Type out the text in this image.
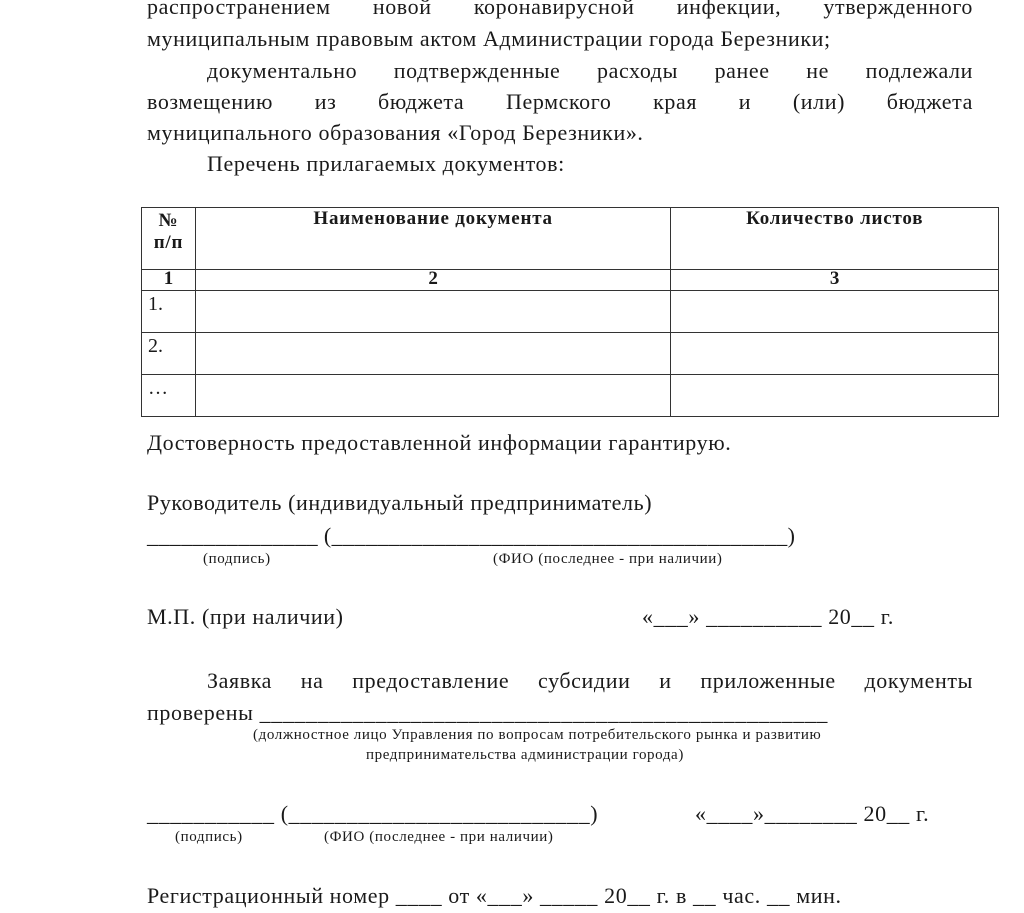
распространением новой коронавирусной инфекции, утвержденного
муниципальным правовым актом Администрации города Березники;
документально подтвержденные расходы ранее не подлежали
возмещению из бюджета Пермского края и (или) бюджета
муниципального образования «Город Березники».
Перечень прилагаемых документов:
№
п/п	Наименование документа	Количество листов
1	2	3
1.		
2.		
…		
Достоверность предоставленной информации гарантирую.
Руководитель (индивидуальный предприниматель)
_______________ (________________________________________)
(подпись)	(ФИО (последнее - при наличии)
М.П. (при наличии)	«___» __________ 20__ г.
Заявка на предоставление субсидии и приложенные документы
проверены _________________________________________________
(должностное лицо Управления по вопросам потребительского рынка и развитию
предпринимательства администрации города)
___________ (__________________________)	«____»________ 20__ г.
(подпись)	(ФИО (последнее - при наличии)
Регистрационный номер ____ от «___» _____ 20__ г. в __ час. __ мин.
